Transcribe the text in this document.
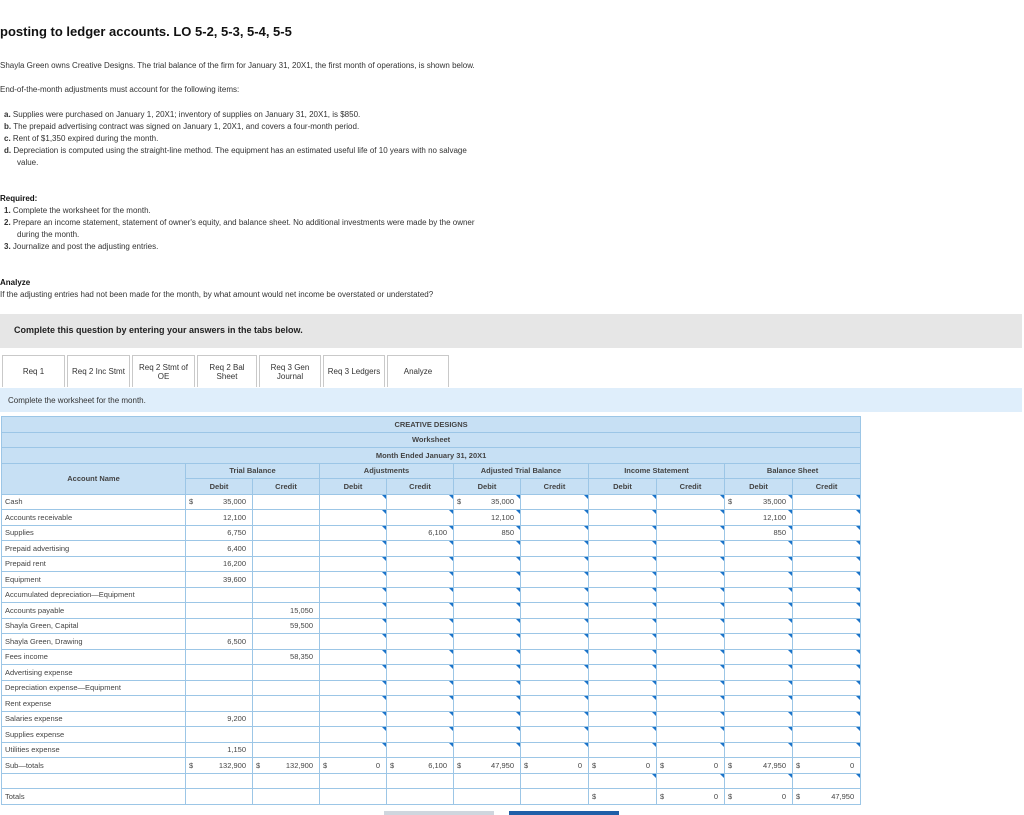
posting to ledger accounts. LO 5-2, 5-3, 5-4, 5-5
Shayla Green owns Creative Designs. The trial balance of the firm for January 31, 20X1, the first month of operations, is shown below.
End-of-the-month adjustments must account for the following items:
a. Supplies were purchased on January 1, 20X1; inventory of supplies on January 31, 20X1, is $850.
b. The prepaid advertising contract was signed on January 1, 20X1, and covers a four-month period.
c. Rent of $1,350 expired during the month.
d. Depreciation is computed using the straight-line method. The equipment has an estimated useful life of 10 years with no salvage
value.
Required:
1. Complete the worksheet for the month.
2. Prepare an income statement, statement of owner's equity, and balance sheet. No additional investments were made by the owner
during the month.
3. Journalize and post the adjusting entries.
Analyze
If the adjusting entries had not been made for the month, by what amount would net income be overstated or understated?
Complete this question by entering your answers in the tabs below.
Req 1	Req 2 Inc Stmt	Req 2 Stmt of OE
Req 2 Bal Sheet
Req 3 Gen Journal	Req 3 Ledgers	Analyze
Complete the worksheet for the month.
CREATIVE DESIGNS										
Worksheet										
Month Ended January 31, 20X1										
Account Name	Trial Balance		Adjustments		Adjusted Trial Balance		Income Statement		Balance Sheet	
	Debit	Credit	Debit	Credit	Debit	Credit	Debit	Credit	Debit	Credit
Cash	$ 35,000				$ 35,000				$ 35,000	

Accounts receivable	12,100				12,100				12,100	

Supplies	6,750			6,100	850				850	

Prepaid advertising	6,400									

Prepaid rent	16,200									

Equipment	39,600									

Accumulated depreciation—Equipment	

Accounts payable		15,050								

Shayla Green, Capital		59,500								

Shayla Green, Drawing	6,500									

Fees income		58,350								

Advertising expense	

Depreciation expense—Equipment	

Rent expense	

Salaries expense	9,200									

Supplies expense	

Utilities expense	1,150									

Sub—totals	$ 132,900	$ 132,900	$ 0	$ 6,100	$ 47,950	$ 0	$ 0	$ 0	$ 47,950	$ 0

Totals							$	$ 0	$ 0	$ 47,950
